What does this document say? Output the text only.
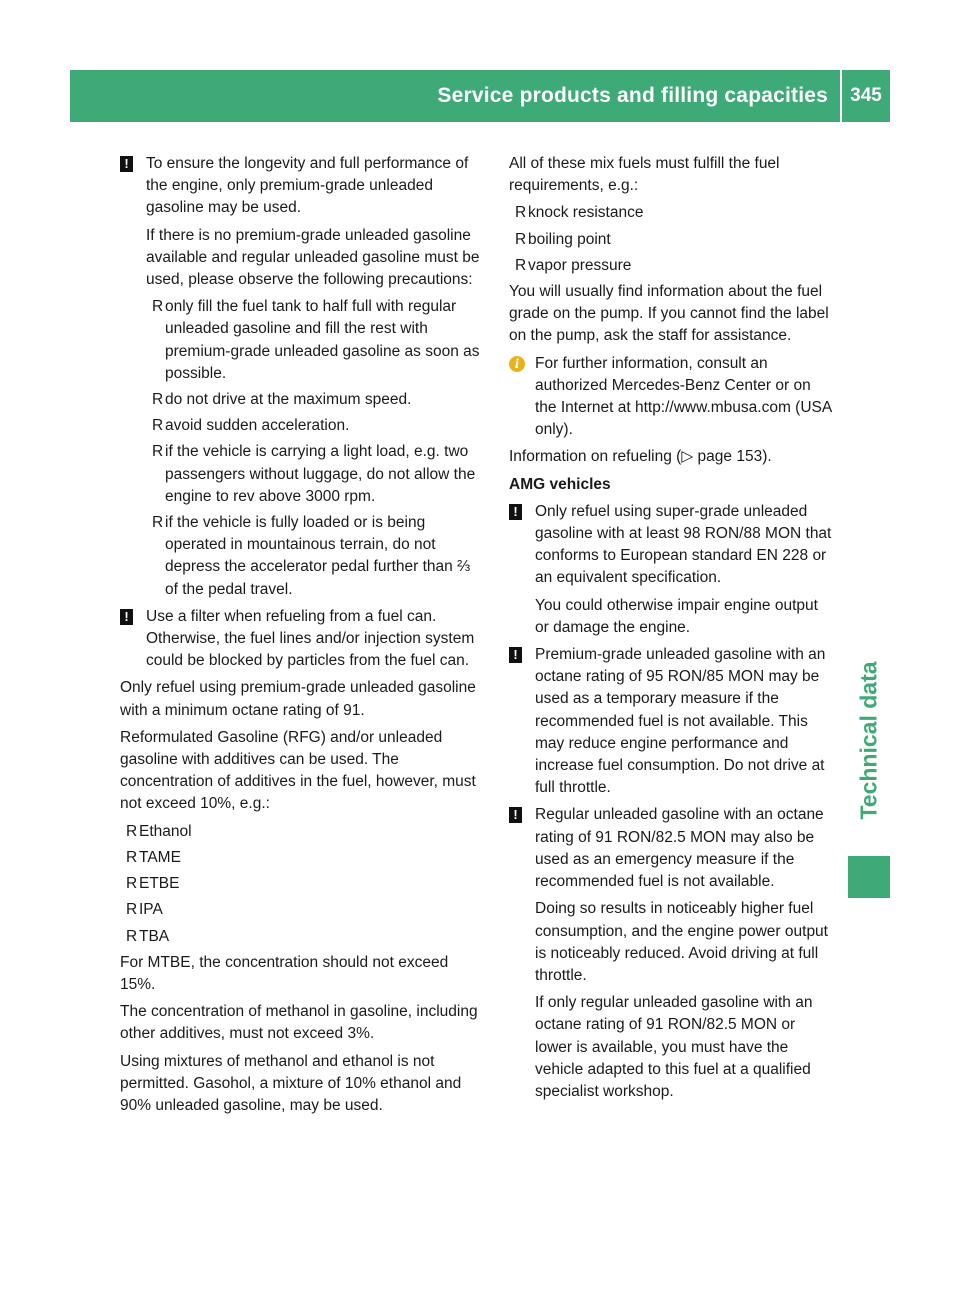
Service products and filling capacities	345
Technical data
! To ensure the longevity and full performance of the engine, only premium-grade unleaded gasoline may be used.
If there is no premium-grade unleaded gasoline available and regular unleaded gasoline must be used, please observe the following precautions:
R only fill the fuel tank to half full with regular unleaded gasoline and fill the rest with premium-grade unleaded gasoline as soon as possible.
R do not drive at the maximum speed.
R avoid sudden acceleration.
R if the vehicle is carrying a light load, e.g. two passengers without luggage, do not allow the engine to rev above 3000 rpm.
R if the vehicle is fully loaded or is being operated in mountainous terrain, do not depress the accelerator pedal further than ⅔ of the pedal travel.
! Use a filter when refueling from a fuel can. Otherwise, the fuel lines and/or injection system could be blocked by particles from the fuel can.
Only refuel using premium-grade unleaded gasoline with a minimum octane rating of 91.
Reformulated Gasoline (RFG) and/or unleaded gasoline with additives can be used. The concentration of additives in the fuel, however, must not exceed 10%, e.g.:
R Ethanol
R TAME
R ETBE
R IPA
R TBA
For MTBE, the concentration should not exceed 15%.
The concentration of methanol in gasoline, including other additives, must not exceed 3%.
Using mixtures of methanol and ethanol is not permitted. Gasohol, a mixture of 10% ethanol and 90% unleaded gasoline, may be used.
All of these mix fuels must fulfill the fuel requirements, e.g.:
R knock resistance
R boiling point
R vapor pressure
You will usually find information about the fuel grade on the pump. If you cannot find the label on the pump, ask the staff for assistance.
i	For further information, consult an authorized Mercedes-Benz Center or on the Internet at http://www.mbusa.com (USA only).
Information on refueling (▷ page 153).
AMG vehicles
! Only refuel using super-grade unleaded gasoline with at least 98 RON/88 MON that conforms to European standard EN 228 or an equivalent specification.
You could otherwise impair engine output or damage the engine.
! Premium-grade unleaded gasoline with an octane rating of 95 RON/85 MON may be used as a temporary measure if the recommended fuel is not available. This may reduce engine performance and increase fuel consumption. Do not drive at full throttle.
! Regular unleaded gasoline with an octane rating of 91 RON/82.5 MON may also be used as an emergency measure if the recommended fuel is not available.
Doing so results in noticeably higher fuel consumption, and the engine power output is noticeably reduced. Avoid driving at full throttle.
If only regular unleaded gasoline with an octane rating of 91 RON/82.5 MON or lower is available, you must have the vehicle adapted to this fuel at a qualified specialist workshop.
